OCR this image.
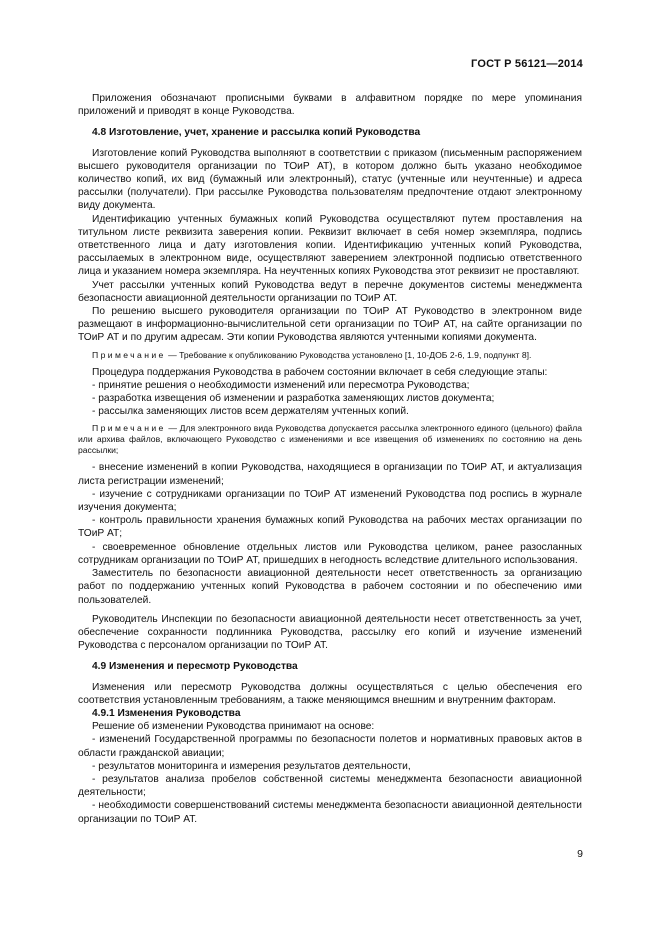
ГОСТ Р 56121—2014

Приложения обозначают прописными буквами в алфавитном порядке по мере упоминания приложений и приводят в конце Руководства.

4.8 Изготовление, учет, хранение и рассылка копий Руководства

Изготовление копий Руководства выполняют в соответствии с приказом (письменным распоряжением высшего руководителя организации по ТОиР АТ), в котором должно быть указано необходимое количество копий, их вид (бумажный или электронный), статус (учтенные или неучтенные) и адреса рассылки (получатели). При рассылке Руководства пользователям предпочтение отдают электронному виду документа.

Идентификацию учтенных бумажных копий Руководства осуществляют путем проставления на титульном листе реквизита заверения копии. Реквизит включает в себя номер экземпляра, подпись ответственного лица и дату изготовления копии. Идентификацию учтенных копий Руководства, рассылаемых в электронном виде, осуществляют заверением электронной подписью ответственного лица и указанием номера экземпляра. На неучтенных копиях Руководства этот реквизит не проставляют.

Учет рассылки учтенных копий Руководства ведут в перечне документов системы менеджмента безопасности авиационной деятельности организации по ТОиР АТ.

По решению высшего руководителя организации по ТОиР АТ Руководство в электронном виде размещают в информационно-вычислительной сети организации по ТОиР АТ, на сайте организации по ТОиР АТ и по другим адресам. Эти копии Руководства являются учтенными копиями документа.

Примечание — Требование к опубликованию Руководства установлено [1, 10-ДОБ 2-6, 1.9, подпункт 8].

Процедура поддержания Руководства в рабочем состоянии включает в себя следующие этапы:

- принятие решения о необходимости изменений или пересмотра Руководства;

- разработка извещения об изменении и разработка заменяющих листов документа;

- рассылка заменяющих листов всем держателям учтенных копий.

Примечание — Для электронного вида Руководства допускается рассылка электронного единого (цельного) файла или архива файлов, включающего Руководство с изменениями и все извещения об изменениях по состоянию на день рассылки;

- внесение изменений в копии Руководства, находящиеся в организации по ТОиР АТ, и актуализация листа регистрации изменений;

- изучение с сотрудниками организации по ТОиР АТ изменений Руководства под роспись в журнале изучения документа;

- контроль правильности хранения бумажных копий Руководства на рабочих местах организации по ТОиР АТ;

- своевременное обновление отдельных листов или Руководства целиком, ранее разосланных сотрудникам организации по ТОиР АТ, пришедших в негодность вследствие длительного использования.

Заместитель по безопасности авиационной деятельности несет ответственность за организацию работ по поддержанию учтенных копий Руководства в рабочем состоянии и по обеспечению ими пользователей.

Руководитель Инспекции по безопасности авиационной деятельности несет ответственность за учет, обеспечение сохранности подлинника Руководства, рассылку его копий и изучение изменений Руководства с персоналом организации по ТОиР АТ.

4.9 Изменения и пересмотр Руководства

Изменения или пересмотр Руководства должны осуществляться с целью обеспечения его соответствия установленным требованиям, а также меняющимся внешним и внутренним факторам.

4.9.1 Изменения Руководства

Решение об изменении Руководства принимают на основе:

- изменений Государственной программы по безопасности полетов и нормативных правовых актов в области гражданской авиации;

- результатов мониторинга и измерения результатов деятельности,

- результатов анализа пробелов собственной системы менеджмента безопасности авиационной деятельности;

- необходимости совершенствований системы менеджмента безопасности авиационной деятельности организации по ТОиР АТ.

9
